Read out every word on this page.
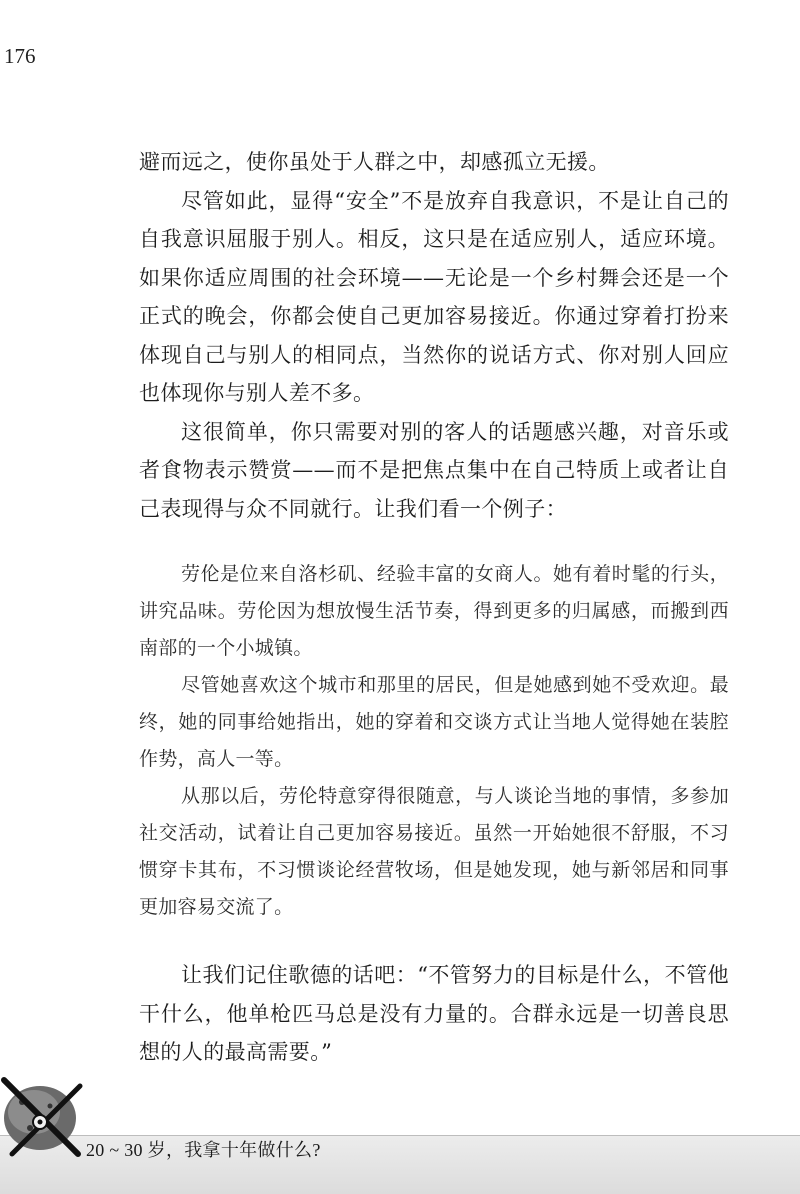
176

避而远之，使你虽处于人群之中，却感孤立无援。

尽管如此，显得“安全”不是放弃自我意识，不是让自己的自我意识屈服于别人。相反，这只是在适应别人，适应环境。如果你适应周围的社会环境——无论是一个乡村舞会还是一个正式的晚会，你都会使自己更加容易接近。你通过穿着打扮来体现自己与别人的相同点，当然你的说话方式、你对别人回应也体现你与别人差不多。

这很简单，你只需要对别的客人的话题感兴趣，对音乐或者食物表示赞赏——而不是把焦点集中在自己特质上或者让自己表现得与众不同就行。让我们看一个例子：

劳伦是位来自洛杉矶、经验丰富的女商人。她有着时髦的行头，讲究品味。劳伦因为想放慢生活节奏，得到更多的归属感，而搬到西南部的一个小城镇。

尽管她喜欢这个城市和那里的居民，但是她感到她不受欢迎。最终，她的同事给她指出，她的穿着和交谈方式让当地人觉得她在装腔作势，高人一等。

从那以后，劳伦特意穿得很随意，与人谈论当地的事情，多参加社交活动，试着让自己更加容易接近。虽然一开始她很不舒服，不习惯穿卡其布，不习惯谈论经营牧场，但是她发现，她与新邻居和同事更加容易交流了。

让我们记住歌德的话吧：“不管努力的目标是什么，不管他干什么，他单枪匹马总是没有力量的。合群永远是一切善良思想的人的最高需要。”

20 ~ 30 岁，我拿十年做什么?
